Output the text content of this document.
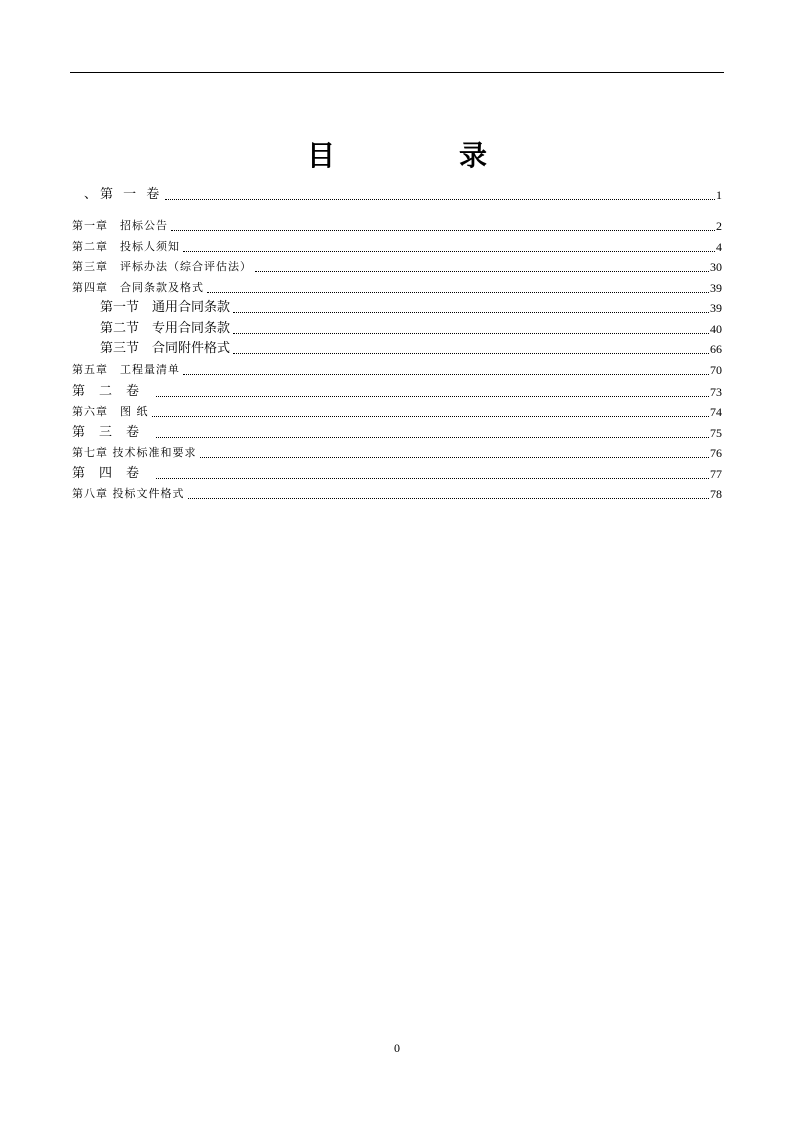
目　录
、第 一 卷	1
第一章　招标公告	2
第二章　投标人须知	4
第三章　评标办法（综合评估法）	30
第四章　合同条款及格式	39
第一节　通用合同条款	39
第二节　专用合同条款	40
第三节　合同附件格式	66
第五章　工程量清单	70
第二卷	73
第六章　图 纸	74
第三卷	75
第七章 技术标准和要求	76
第四卷	77
第八章 投标文件格式	78
0
